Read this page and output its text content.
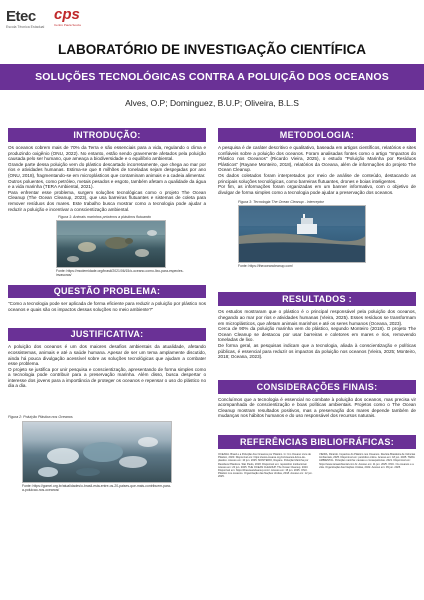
Etec
Escola Técnica Estadual
cps
Centro Paula Souza
LABORATÓRIO DE INVESTIGAÇÃO CIENTÍFICA
SOLUÇÕES TECNOLÓGICAS CONTRA A POLUIÇÃO DOS OCEANOS
Alves, O.P; Dominguez, B.U.P; Oliveira, B.L.S
INTRODUÇÃO:

Os oceanos cobrem mais de 70% da Terra e são essenciais para a vida, regulando o clima e produzindo oxigênio (ONU, 2022). No entanto, estão sendo gravemente afetados pela poluição causada pelo ser humano, que ameaça a biodiversidade e o equilíbrio ambiental.

Grande parte dessa poluição vem do plástico descartado incorretamente, que chega ao mar por rios e atividades humanas. Estima-se que 8 milhões de toneladas sejam despejadas por ano (ONU, 2018), fragmentando-se em microplásticos que contaminam animais e a cadeia alimentar.

Outros poluentes, como petróleo, metais pesados e esgoto, também afetam a qualidade da água e a vida marinha (TERA Ambiental, 2021).

Para enfrentar esse problema, surgem soluções tecnológicas como o projeto The Ocean Cleanup (The Ocean Cleanup, 2023), que usa barreiras flutuantes e sistemas de coleta para remover resíduos dos mares. Este trabalho busca mostrar como a tecnologia pode ajudar a reduzir a poluição e incentivar a conscientização ambiental.

Figura 1: Animais marinhos próximos a plásticos flutuando
Fonte: https://modernidade.org/brasil/2021/06/15/o-oceano-como-lixo-para-especies-invasoras/
QUESTÃO PROBLEMA:
"Como a tecnologia pode ser aplicada de forma eficiente para reduzir a poluição por plástico nos oceanos e quais são os impactos dessas soluções no meio ambiente?"
JUSTIFICATIVA:

A poluição dos oceanos é um dos maiores desafios ambientais da atualidade, afetando ecossistemas, animais e até a saúde humana. Apesar de ser um tema amplamente discutido, ainda há pouca divulgação acessível sobre as soluções tecnológicas que ajudam a combater esse problema.

O projeto se justifica por unir pesquisa e conscientização, apresentando de forma simples como a tecnologia pode contribuir para a preservação marinha. Além disso, busca despertar o interesse dos jovens para a importância de proteger os oceanos e repensar o uso do plástico no dia a dia.

Figura 2: Poluição Plástica nos Oceanos
Fonte: https://gomei.org.br/atualidades/o-brasil-esta-entre-os-20-paises-que-mais-contribuem-para-a-poluicao-nos-oceanos/
METODOLOGIA:

A pesquisa é de caráter descritivo e qualitativo, baseada em artigos científicos, relatórios e sites confiáveis sobre a poluição dos oceanos. Foram analisadas fontes como o artigo "Impactos do Plástico nos Oceanos" (Ricardo Vieira, 2025), o estudo "Poluição Marinha por Resíduos Plásticos" (Rayane Monteiro, 2018), relatórios da Oceana, além de informações do projeto The Ocean Cleanup.

Os dados coletados foram interpretados por meio de análise de conteúdo, destacando as principais soluções tecnológicas, como barreiras flutuantes, drones e boias inteligentes.

Por fim, as informações foram organizadas em um banner informativo, com o objetivo de divulgar de forma simples como a tecnologia pode ajudar a preservação dos oceanos.

Figura 3: Tecnologia The Ocean Cleanup - Interceptor
Fonte: https://theoceancleanup.com/
RESULTADOS :

Os estudos mostraram que o plástico é o principal responsável pela poluição dos oceanos, chegando ao mar por rios e atividades humanas (Vieira, 2025). Esses resíduos se transformam em microplásticos, que afetam animais marinhos e até os seres humanos (Oceana, 2023).

Cerca de 90% da poluição marinha vem do plástico, segundo Monteiro (2018). O projeto The Ocean Cleanup se destacou por usar barreiras e coletores em mares e rios, removendo toneladas de lixo.

De forma geral, as pesquisas indicam que a tecnologia, aliada à conscientização e políticas públicas, é essencial para reduzir os impactos da poluição nos oceanos (Vieira, 2025; Monteiro, 2018; Oceana, 2023).

CONSIDERAÇÕES FINAIS:
Concluímos que a tecnologia é essencial no combate à poluição dos oceanos, mas precisa vir acompanhada de conscientização e boas políticas ambientais. Projetos como o The Ocean Cleanup mostram resultados positivos, mas a preservação dos mares depende também de mudanças nos hábitos humanos e do uso responsável dos recursos naturais.
REFERÊNCIAS BIBLIOFRÁFICAS:
OCEANA. Brasil e a Poluição dos Oceanos por Plástico. In: Um Oceano Livre de Plástico, 2023. Disponível em: https://www.oceana.org.br/oceanos-livres-de-plastico. Acesso em: 10 jun. 2025. MONTEIRO, Rayane. Poluição Marinha por Resíduos Plásticos. São Paulo, 2018. Disponível em: repositório institucional. Acesso em: 20 jun. 2025. THE OCEAN CLEANUP. The Ocean Cleanup. 2023. Disponível em: https://theoceancleanup.com/. Acesso em: 15 jun. 2025. ONU. Plástico nos oceanos. Organização das Nações Unidas, 2018. Acesso em: 12 jun. 2025.
VIEIRA, Ricardo. Impactos do Plástico nos Oceanos. Revista Brasileira de Ciências Ambientais, 2025. Disponível em: periódico online. Acesso em: 18 jun. 2025. TERA AMBIENTAL. Poluição marinha: causas e consequências. 2021. Disponível em: https://www.teraambiental.com.br. Acesso em: 11 jun. 2025. ONU. Os oceanos e a vida. Organização das Nações Unidas, 2022. Acesso em: 09 jun. 2025.
